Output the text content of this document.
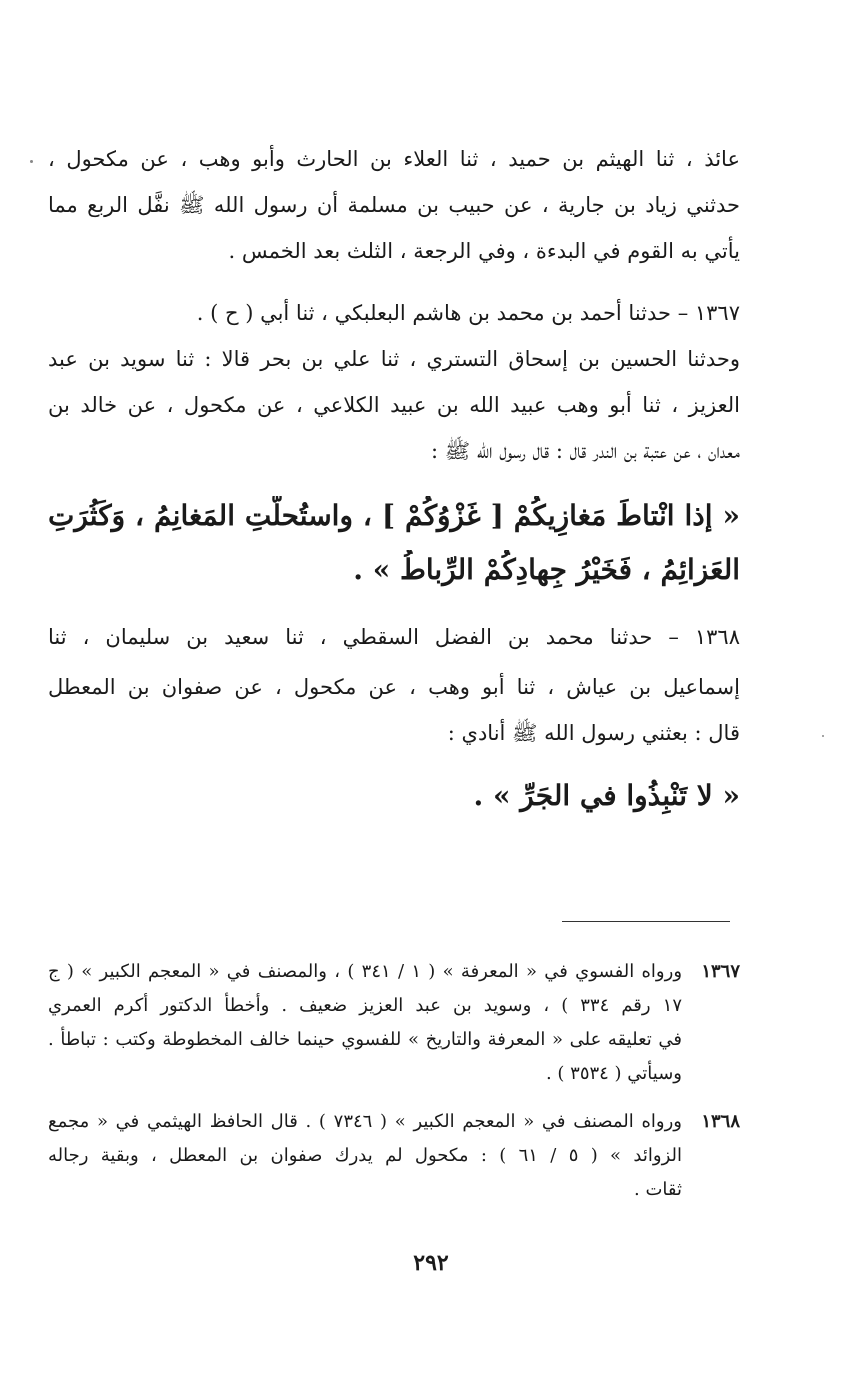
عائذ ، ثنا الهيثم بن حميد ، ثنا العلاء بن الحارث وأبو وهب ، عن مكحول ،
حدثني زياد بن جارية ، عن حبيب بن مسلمة أن رسول الله ﷺ نفَّل الربع مما
يأتي به القوم في البدءة ، وفي الرجعة ، الثلث بعد الخمس .
١٣٦٧ – حدثنا أحمد بن محمد بن هاشم البعلبكي ، ثنا أبي ( ح ) .
وحدثنا الحسين بن إسحاق التستري ، ثنا علي بن بحر قالا : ثنا سويد بن عبد
العزيز ، ثنا أبو وهب عبيد الله بن عبيد الكلاعي ، عن مكحول ، عن خالد بن
معدان ، عن عتبة بن الندر قال : قال رسول الله ﷺ :
« إذا انْتاطَ مَغازِيكُمْ [ غَزْوُكُمْ ] ، واستُحلَّتِ المَغانِمُ ، وَكَثُرَتِ
العَزائِمُ ، فَخَيْرُ جِهادِكُمْ الرِّباطُ » .
١٣٦٨ – حدثنا محمد بن الفضل السقطي ، ثنا سعيد بن سليمان ، ثنا
إسماعيل بن عياش ، ثنا أبو وهب ، عن مكحول ، عن صفوان بن المعطل
قال : بعثني رسول الله ﷺ أنادي :
« لا تَنْبِذُوا في الجَرِّ » .
١٣٦٧
ورواه الفسوي في « المعرفة » ( ١ / ٣٤١ ) ، والمصنف في « المعجم الكبير » ( ج
١٧ رقم ٣٣٤ ) ، وسويد بن عبد العزيز ضعيف . وأخطأ الدكتور أكرم العمري
في تعليقه على « المعرفة والتاريخ » للفسوي حينما خالف المخطوطة وكتب : تباطأ .
وسيأتي ( ٣٥٣٤ ) .
١٣٦٨
ورواه المصنف في « المعجم الكبير » ( ٧٣٤٦ ) . قال الحافظ الهيثمي في « مجمع
الزوائد » ( ٥ / ٦١ ) : مكحول لم يدرك صفوان بن المعطل ، وبقية رجاله
ثقات .
٢٩٢
